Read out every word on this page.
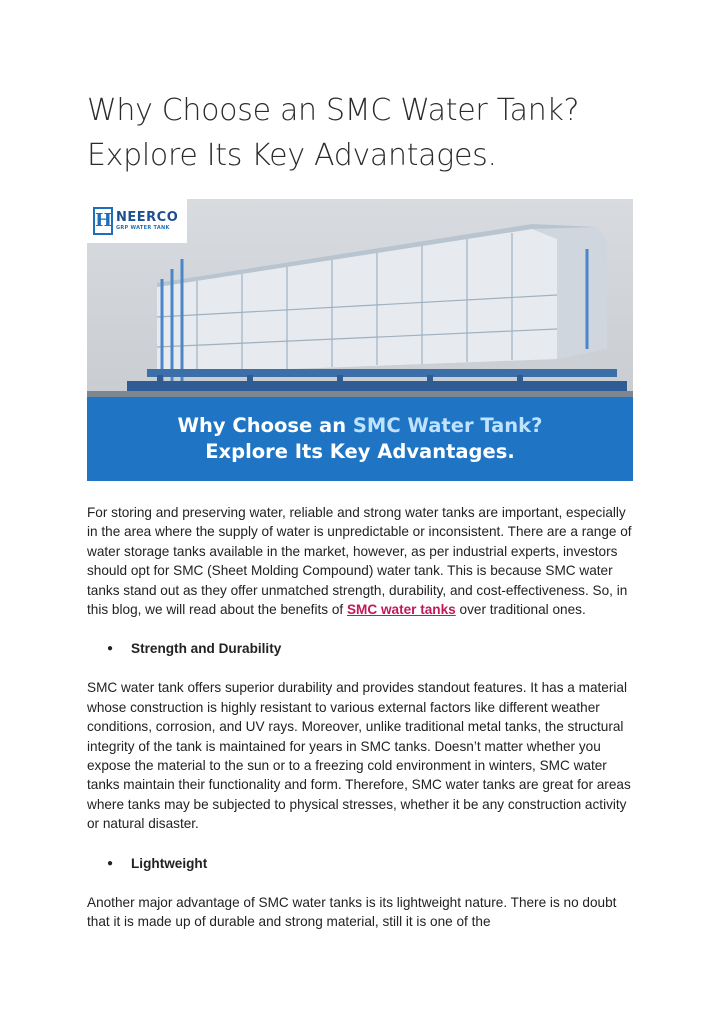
Why Choose an SMC Water Tank?
Explore Its Key Advantages.
H NEERCO
GRP WATER TANK
Why Choose an SMC Water Tank?
Explore Its Key Advantages.

For storing and preserving water, reliable and strong water tanks are important, especially in the area where the supply of water is unpredictable or inconsistent. There are a range of water storage tanks available in the market, however, as per industrial experts, investors should opt for SMC (Sheet Molding Compound) water tank. This is because SMC water tanks stand out as they offer unmatched strength, durability, and cost-effectiveness. So, in this blog, we will read about the benefits of SMC water tanks over traditional ones.

●	Strength and Durability

SMC water tank offers superior durability and provides standout features. It has a material whose construction is highly resistant to various external factors like different weather conditions, corrosion, and UV rays. Moreover, unlike traditional metal tanks, the structural integrity of the tank is maintained for years in SMC tanks. Doesn’t matter whether you expose the material to the sun or to a freezing cold environment in winters, SMC water tanks maintain their functionality and form. Therefore, SMC water tanks are great for areas where tanks may be subjected to physical stresses, whether it be any construction activity or natural disaster.

●	Lightweight

Another major advantage of SMC water tanks is its lightweight nature. There is no doubt that it is made up of durable and strong material, still it is one of the
